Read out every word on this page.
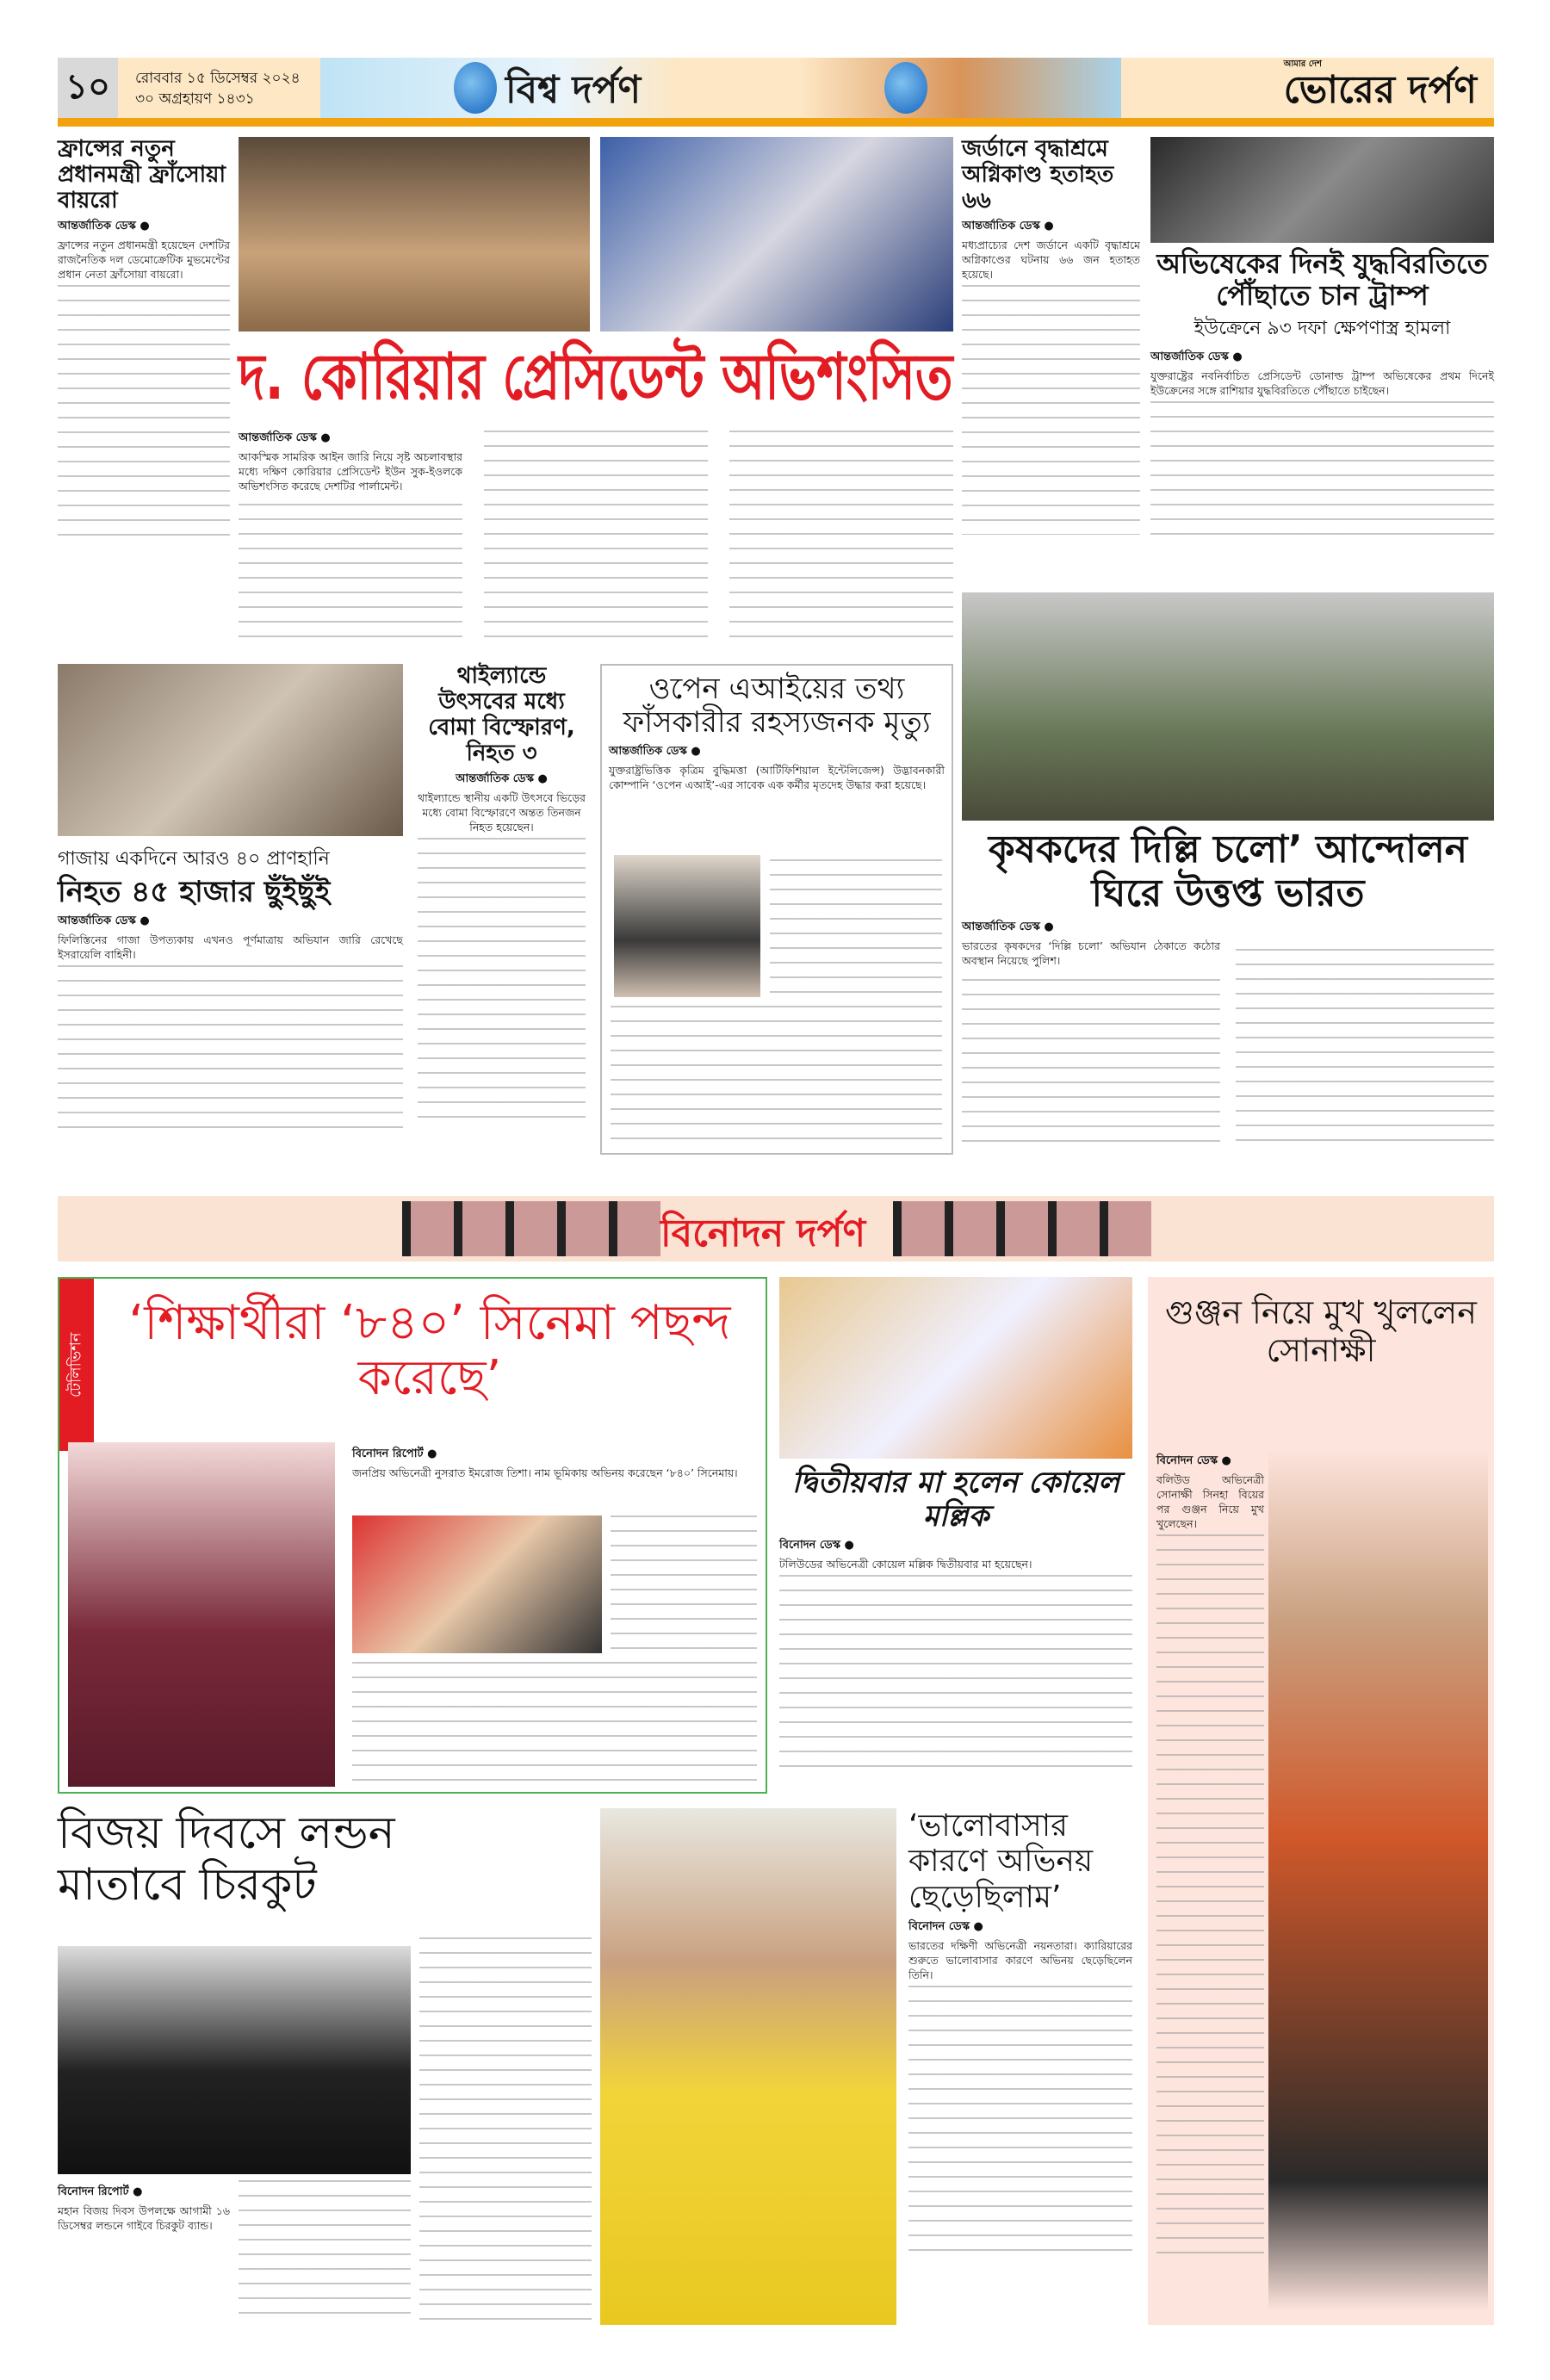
১০	রোববার ১৫ ডিসেম্বর ২০২৪
৩০ অগ্রহায়ণ ১৪৩১	বিশ্ব দর্পণ
আমার দেশ
ভোরের দর্পণ
ফ্রান্সের নতুন প্রধানমন্ত্রী ফ্রাঁসোয়া বায়রো
আন্তর্জাতিক ডেস্ক ●
ফ্রান্সের নতুন প্রধানমন্ত্রী হয়েছেন দেশটির রাজনৈতিক দল ডেমোক্রেটিক মুভমেন্টের প্রধান নেতা ফ্রাঁসোয়া বায়রো।
দ. কোরিয়ার প্রেসিডেন্ট অভিশংসিত
আন্তর্জাতিক ডেস্ক ●
আকস্মিক সামরিক আইন জারি নিয়ে সৃষ্ট অচলাবস্থার মধ্যে দক্ষিণ কোরিয়ার প্রেসিডেন্ট ইউন সুক-ইওলকে অভিশংসিত করেছে দেশটির পার্লামেন্ট।
জর্ডানে বৃদ্ধাশ্রমে অগ্নিকাণ্ড হতাহত ৬৬
আন্তর্জাতিক ডেস্ক ●
মধ্যপ্রাচ্যের দেশ জর্ডানে একটি বৃদ্ধাশ্রমে অগ্নিকাণ্ডের ঘটনায় ৬৬ জন হতাহত হয়েছে।	অভিষেকের দিনই যুদ্ধবিরতিতে পৌঁছাতে চান ট্রাম্প
ইউক্রেনে ৯৩ দফা ক্ষেপণাস্ত্র হামলা
আন্তর্জাতিক ডেস্ক ●
যুক্তরাষ্ট্রের নবনির্বাচিত প্রেসিডেন্ট ডোনাল্ড ট্রাম্প অভিষেকের প্রথম দিনেই ইউক্রেনের সঙ্গে রাশিয়ার যুদ্ধবিরতিতে পৌঁছাতে চাইছেন।
কৃষকদের দিল্লি চলো’ আন্দোলন ঘিরে উত্তপ্ত ভারত
আন্তর্জাতিক ডেস্ক ●
ভারতের কৃষকদের ‘দিল্লি চলো’ অভিযান ঠেকাতে কঠোর অবস্থান নিয়েছে পুলিশ।
গাজায় একদিনে আরও ৪০ প্রাণহানি
নিহত ৪৫ হাজার ছুঁইছুঁই
আন্তর্জাতিক ডেস্ক ●
ফিলিস্তিনের গাজা উপত্যকায় এখনও পূর্ণমাত্রায় অভিযান জারি রেখেছে ইসরায়েলি বাহিনী।
থাইল্যান্ডে উৎসবের মধ্যে বোমা বিস্ফোরণ, নিহত ৩
আন্তর্জাতিক ডেস্ক ●
থাইল্যান্ডে স্থানীয় একটি উৎসবে ভিড়ের মধ্যে বোমা বিস্ফোরণে অন্তত তিনজন নিহত হয়েছেন।
ওপেন এআইয়ের তথ্য ফাঁসকারীর রহস্যজনক মৃত্যু
আন্তর্জাতিক ডেস্ক ●
যুক্তরাষ্ট্রভিত্তিক কৃত্রিম বুদ্ধিমত্তা (আর্টিফিশিয়াল ইন্টেলিজেন্স) উদ্ভাবনকারী কোম্পানি ‘ওপেন এআই’-এর সাবেক এক কর্মীর মৃতদেহ উদ্ধার করা হয়েছে।
বিনোদন দর্পণ
টেলিভিশন
‘শিক্ষার্থীরা ‘৮৪০’ সিনেমা পছন্দ করেছে’
বিনোদন রিপোর্ট ●
জনপ্রিয় অভিনেত্রী নুসরাত ইমরোজ তিশা। নাম ভূমিকায় অভিনয় করেছেন ‘৮৪০’ সিনেমায়।	দ্বিতীয়বার মা হলেন কোয়েল মল্লিক
বিনোদন ডেস্ক ●
টলিউডের অভিনেত্রী কোয়েল মল্লিক দ্বিতীয়বার মা হয়েছেন।
গুঞ্জন নিয়ে মুখ খুললেন সোনাক্ষী
বিনোদন ডেস্ক ●
বলিউড অভিনেত্রী সোনাক্ষী সিনহা বিয়ের পর গুঞ্জন নিয়ে মুখ খুলেছেন।
বিজয় দিবসে লন্ডন মাতাবে চিরকুট
বিনোদন রিপোর্ট ●
মহান বিজয় দিবস উপলক্ষে আগামী ১৬ ডিসেম্বর লন্ডনে গাইবে চিরকুট ব্যান্ড।
‘ভালোবাসার কারণে অভিনয় ছেড়েছিলাম’
বিনোদন ডেস্ক ●
ভারতের দক্ষিণী অভিনেত্রী নয়নতারা। ক্যারিয়ারের শুরুতে ভালোবাসার কারণে অভিনয় ছেড়েছিলেন তিনি।
